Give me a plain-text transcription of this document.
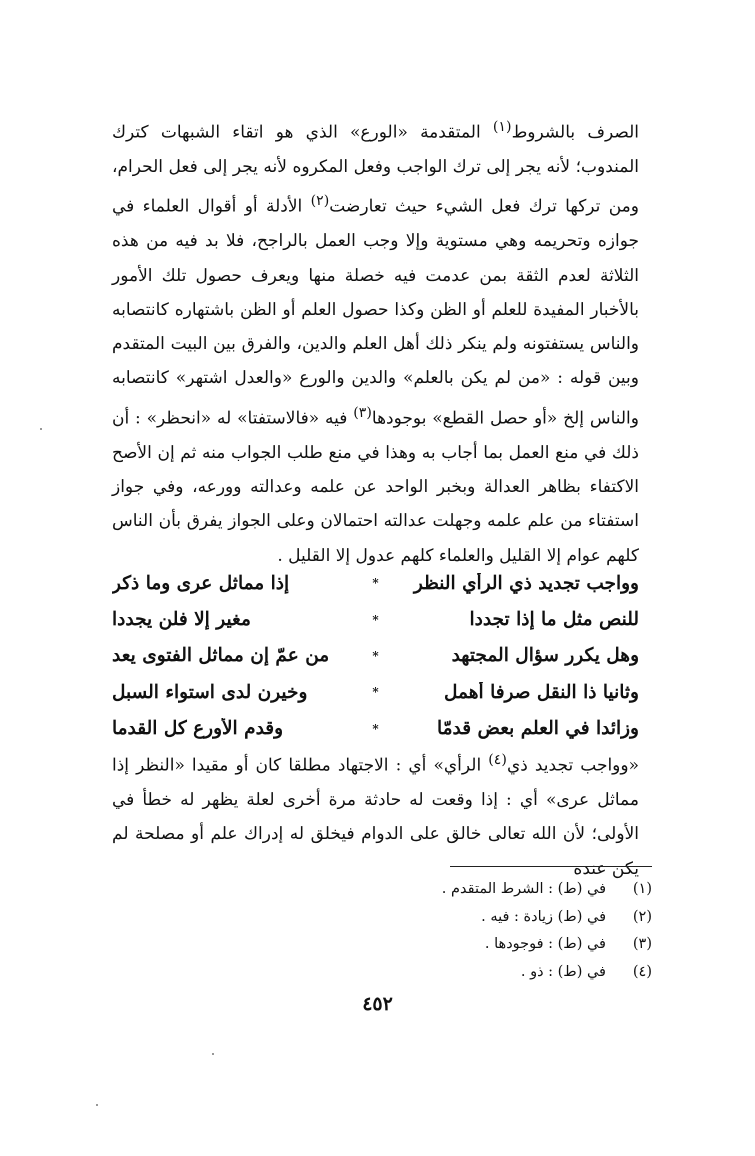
الصرف بالشروط$^{(١)}$ المتقدمة «الورع» الذي هو اتقاء الشبهات كترك المندوب؛ لأنه يجر إلى ترك الواجب وفعل المكروه لأنه يجر إلى فعل الحرام، ومن تركها ترك فعل الشيء حيث تعارضت$^{(٢)}$ الأدلة أو أقوال العلماء في جوازه وتحريمه وهي مستوية وإلا وجب العمل بالراجح، فلا بد فيه من هذه الثلاثة لعدم الثقة بمن عدمت فيه خصلة منها ويعرف حصول تلك الأمور بالأخبار المفيدة للعلم أو الظن وكذا حصول العلم أو الظن باشتهاره كانتصابه والناس يستفتونه ولم ينكر ذلك أهل العلم والدين، والفرق بين البيت المتقدم وبين قوله : «من لم يكن بالعلم» والدين والورع «والعدل اشتهر» كانتصابه والناس إلخ «أو حصل القطع» بوجودها$^{(٣)}$ فيه «فالاستفتا» له «انحظر» : أن ذلك في منع العمل بما أجاب به وهذا في منع طلب الجواب منه ثم إن الأصح الاكتفاء بظاهر العدالة وبخبر الواحد عن علمه وعدالته وورعه، وفي جواز استفتاء من علم علمه وجهلت عدالته احتمالان وعلى الجواز يفرق بأن الناس كلهم عوام إلا القليل والعلماء كلهم عدول إلا القليل .

وواجب تجديد ذي الرأي النظر
*
إذا مماثل عرى وما ذكر
للنص مثل ما إذا تجددا
*
مغير إلا فلن يجددا
وهل يكرر سؤال المجتهد
*
من عمّ إن مماثل الفتوى يعد
وثانيا ذا النقل صرفا أهمل
*
وخيرن لدى استواء السبل
وزائدا في العلم بعض قدمّا
*
وقدم الأورع كل القدما

«وواجب تجديد ذي$^{(٤)}$ الرأي» أي : الاجتهاد مطلقا كان أو مقيدا «النظر إذا مماثل عرى» أي : إذا وقعت له حادثة مرة أخرى لعلة يظهر له خطأ في الأولى؛ لأن الله تعالى خالق على الدوام فيخلق له إدراك علم أو مصلحة لم يكن عنده

(١)
في (ط) : الشرط المتقدم .
(٢)
في (ط) زيادة : فيه .
(٣)
في (ط) : فوجودها .
(٤)
في (ط) : ذو .
٤٥٢
